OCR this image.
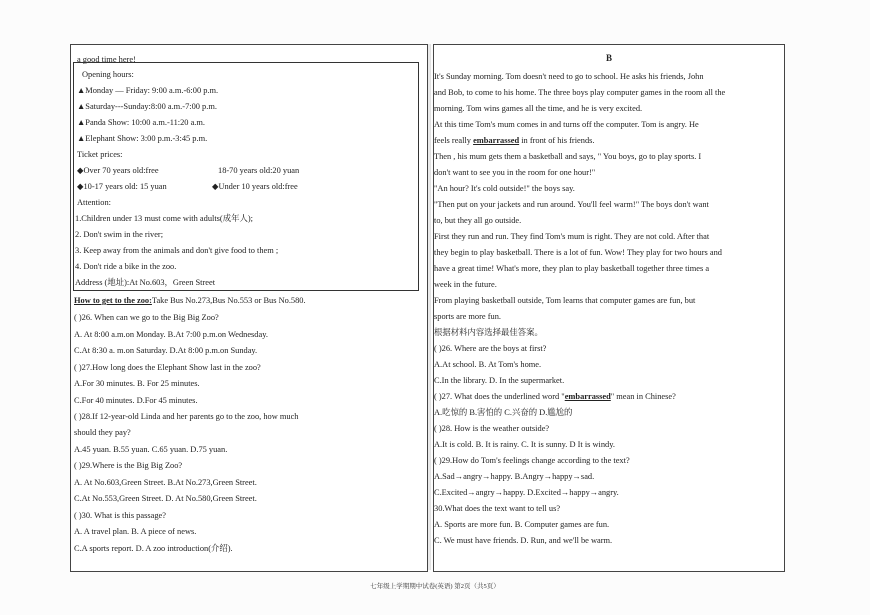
a good time here!
Opening hours:
▲Monday — Friday: 9:00 a.m.-6:00 p.m.
▲Saturday---Sunday:8:00 a.m.-7:00 p.m.
▲Panda Show: 10:00 a.m.-11:20 a.m.
▲Elephant Show: 3:00 p.m.-3:45 p.m.
Ticket prices:
◆Over 70 years old:free	18-70 years old:20 yuan
◆10-17 years old: 15 yuan	◆Under 10 years old:free
Attention:
1.Children under 13 must come with adults(成年人);
2. Don't swim in the river;
3. Keep away from the animals and don't give food to them ;
4. Don't ride a bike in the zoo.
Address (地址):At No.603，Green Street
How to get to the zoo:Take Bus No.273,Bus No.553 or Bus No.580.
( )26. When can we go to the Big Big Zoo?
A. At 8:00 a.m.on Monday. B.At 7:00 p.m.on Wednesday.
C.At 8:30 a. m.on Saturday. D.At 8:00 p.m.on Sunday.
( )27.How long does the Elephant Show last in the zoo?
A.For 30 minutes. B. For 25 minutes.
C.For 40 minutes. D.For 45 minutes.
( )28.If 12-year-old Linda and her parents go to the zoo, how much
should they pay?
A.45 yuan. B.55 yuan. C.65 yuan. D.75 yuan.
( )29.Where is the Big Big Zoo?
A. At No.603,Green Street. B.At No.273,Green Street.
C.At No.553,Green Street. D. At No.580,Green Street.
( )30. What is this passage?
A. A travel plan. B. A piece of news.
C.A sports report. D. A zoo introduction(介绍).
B
It's Sunday morning. Tom doesn't need to go to school. He asks his friends, John
and Bob, to come to his home. The three boys play computer games in the room all the
morning. Tom wins games all the time, and he is very excited.
At this time Tom's mum comes in and turns off the computer. Tom is angry. He
feels really embarrassed in front of his friends.
Then , his mum gets them a basketball and says, " You boys, go to play sports. I
don't want to see you in the room for one hour!"
"An hour? It's cold outside!" the boys say.
"Then put on your jackets and run around. You'll feel warm!" The boys don't want
to, but they all go outside.
First they run and run. They find Tom's mum is right. They are not cold. After that
they begin to play basketball. There is a lot of fun. Wow! They play for two hours and
have a great time! What's more, they plan to play basketball together three times a
week in the future.
From playing basketball outside, Tom learns that computer games are fun, but
sports are more fun.
根据材料内容选择最佳答案。
( )26. Where are the boys at first?
A.At school. B. At Tom's home.
C.In the library. D. In the supermarket.
( )27. What does the underlined word "embarrassed" mean in Chinese?
A.吃惊的 B.害怕的 C.兴奋的 D.尴尬的
( )28. How is the weather outside?
A.It is cold. B. It is rainy. C. It is sunny. D It is windy.
( )29.How do Tom's feelings change according to the text?
A.Sad→angry→happy. B.Angry→happy→sad.
C.Excited→angry→happy. D.Excited→happy→angry.
30.What does the text want to tell us?
A. Sports are more fun. B. Computer games are fun.
C. We must have friends. D. Run, and we'll be warm.
七年级上学期期中试卷(英语) 第2页（共5页）
